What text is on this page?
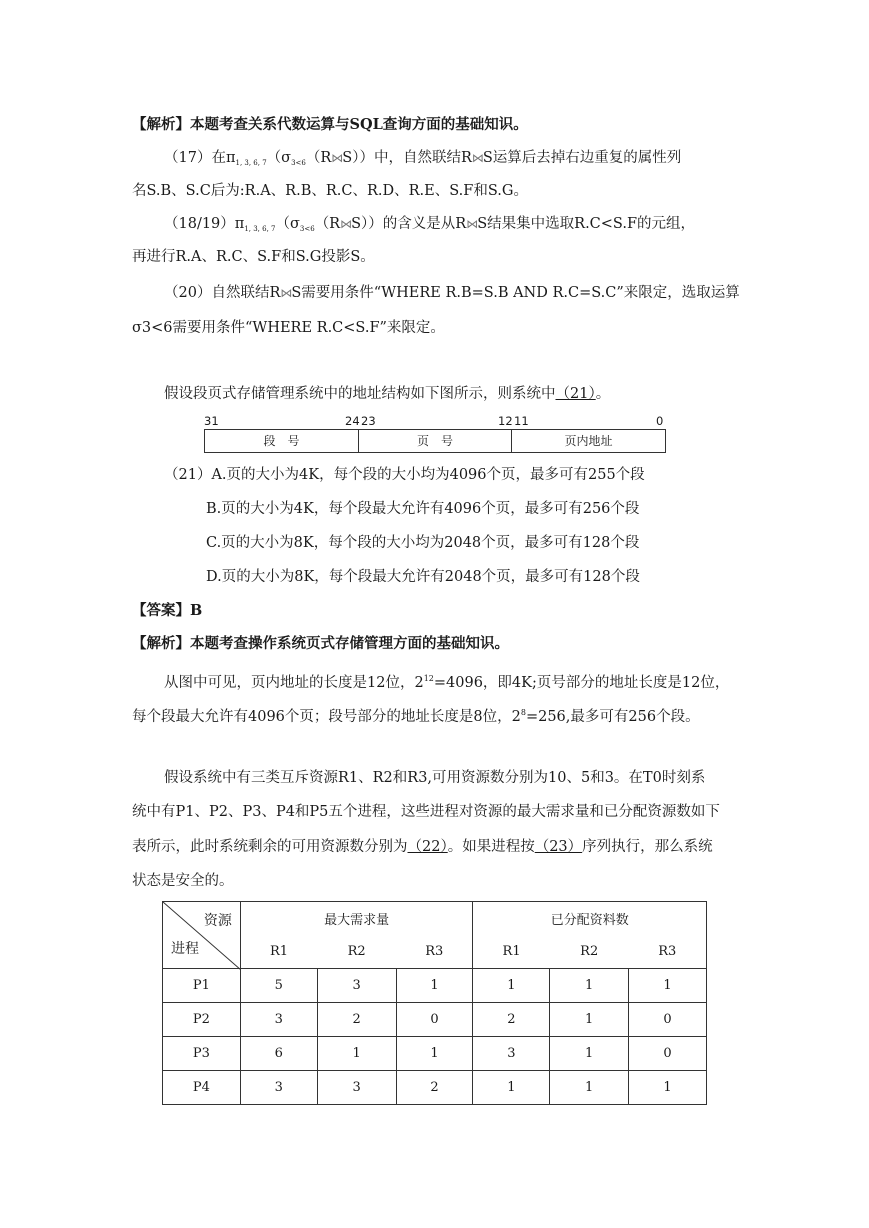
【解析】本题考查关系代数运算与SQL查询方面的基础知识。
（17）在$\pi_{1, 3, 6, 7}(\sigma_{3<6}(R⋈S))$中，自然联结R⋈S运算后去掉右边重复的属性列
名S.B、S.C后为:R.A、R.B、R.C、R.D、R.E、S.F和S.G。
$(18/19)\pi_{1, 3, 6, 7}(\sigma_{3<6}(R⋈S))$的含义是从R⋈S结果集中选取R.C<S.F的元组，
再进行R.A、R.C、S.F和S.G投影S。
（20）自然联结R⋈S需要用条件“WHERE R.B=S.B AND R.C=S.C”来限定，选取运算
σ3<6需要用条件“WHERE R.C<S.F”来限定。
假设段页式存储管理系统中的地址结构如下图所示，则系统中（21）。
31	24 23	12 11	0
段　号	页　号	页内地址
（21）A.页的大小为4K，每个段的大小均为4096个页，最多可有255个段
B.页的大小为4K，每个段最大允许有4096个页，最多可有256个段
C.页的大小为8K，每个段的大小均为2048个页，最多可有128个段
D.页的大小为8K，每个段最大允许有2048个页，最多可有128个段
【答案】B
【解析】本题考查操作系统页式存储管理方面的基础知识。
从图中可见，页内地址的长度是12位，$2^{12}=4096$，即4K;页号部分的地址长度是12位，
每个段最大允许有4096个页；段号部分的地址长度是8位，$2^8=256$,最多可有256个段。
假设系统中有三类互斥资源R1、R2和R3,可用资源数分别为10、5和3。在T0时刻系
统中有P1、P2、P3、P4和P5五个进程，这些进程对资源的最大需求量和已分配资源数如下
表所示，此时系统剩余的可用资源数分别为（22）。如果进程按（23）序列执行，那么系统
状态是安全的。
资源
进程	最大需求量			已分配资料数		
	R1	R2	R3	R1	R2	R3
P1	5	3	1	1	1	1
P2	3	2	0	2	1	0
P3	6	1	1	3	1	0
P4	3	3	2	1	1	1
